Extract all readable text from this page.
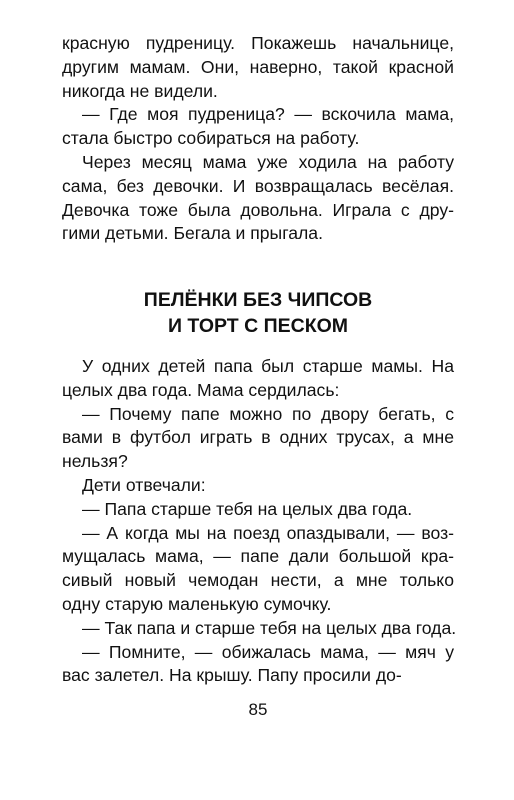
красную пудреницу. Покажешь начальнице,
другим мамам. Они, наверно, такой красной
никогда не видели.

— Где моя пудреница? — вскочила мама,
стала быстро собираться на работу.

Через месяц мама уже ходила на работу
сама, без девочки. И возвращалась весёлая.
Девочка тоже была довольна. Играла с дру-
гими детьми. Бегала и прыгала.

ПЕЛЁНКИ БЕЗ ЧИПСОВ
И ТОРТ С ПЕСКОМ

У одних детей папа был старше мамы. На
целых два года. Мама сердилась:

— Почему папе можно по двору бегать, с
вами в футбол играть в одних трусах, а мне
нельзя?

Дети отвечали:

— Папа старше тебя на целых два года.

— А когда мы на поезд опаздывали, — воз-
мущалась мама, — папе дали большой кра-
сивый новый чемодан нести, а мне только
одну старую маленькую сумочку.

— Так папа и старше тебя на целых два года.

— Помните, — обижалась мама, — мяч у
вас залетел. На крышу. Папу просили до-

85
